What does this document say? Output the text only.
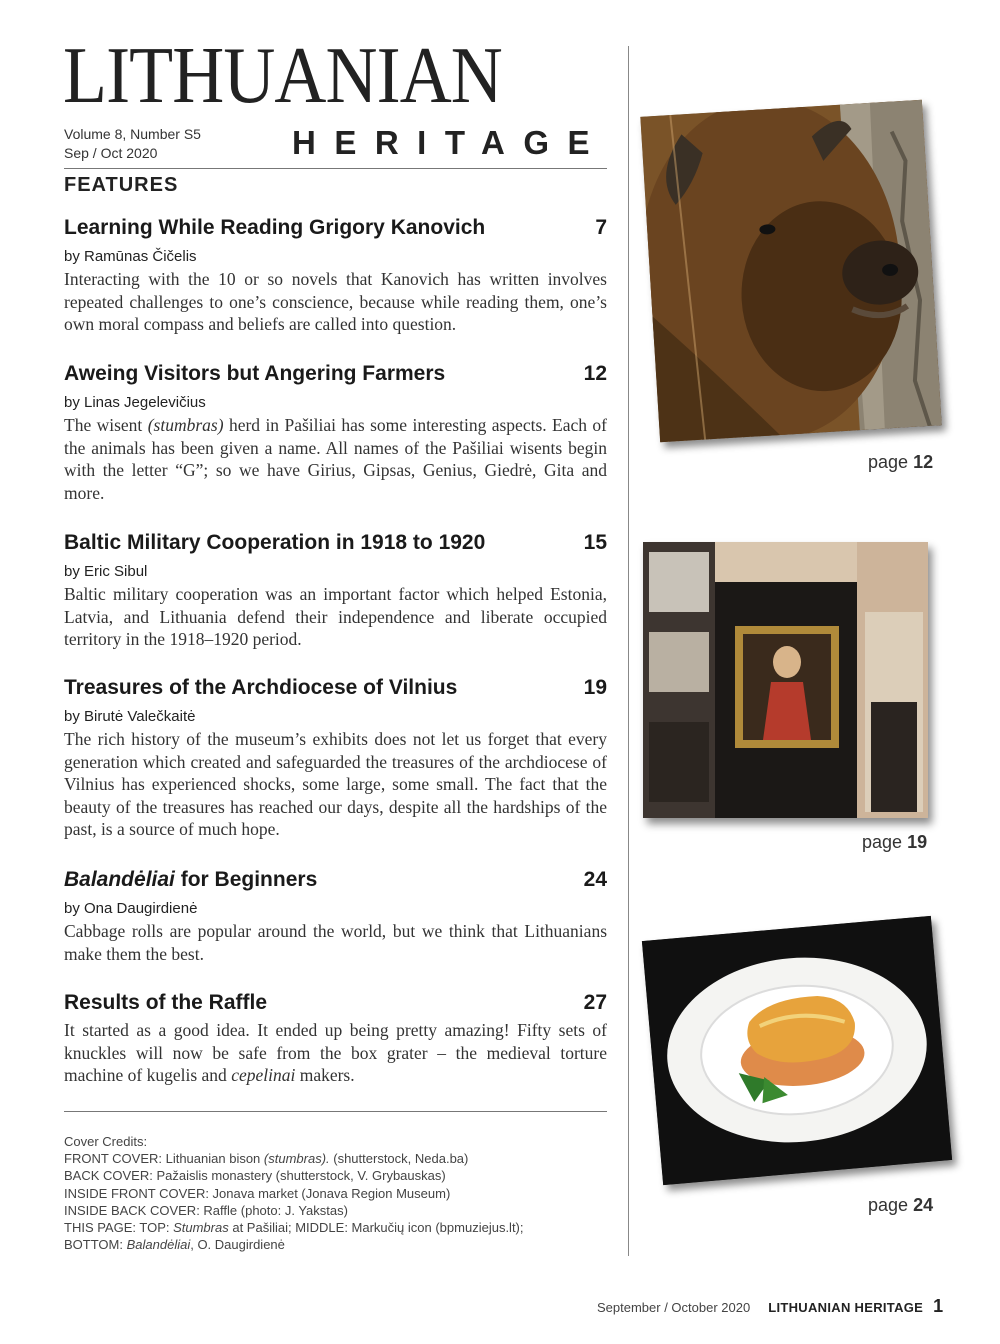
LITHUANIAN
Volume 8, Number S5
Sep / Oct 2020	HERITAGE
FEATURES
Learning While Reading Grigory Kanovich	7
by Ramūnas Čičelis
Interacting with the 10 or so novels that Kanovich has written involves repeated challenges to one’s conscience, because while reading them, one’s own moral compass and beliefs are called into question.
Aweing Visitors but Angering Farmers	12
by Linas Jegelevičius
The wisent (stumbras) herd in Pašiliai has some interesting aspects. Each of the animals has been given a name. All names of the Pašiliai wisents begin with the letter “G”; so we have Girius, Gipsas, Genius, Giedrė, Gita and more.
Baltic Military Cooperation in 1918 to 1920	15
by Eric Sibul
Baltic military cooperation was an important factor which helped Estonia, Latvia, and Lithuania defend their independence and liberate occupied territory in the 1918–1920 period.
Treasures of the Archdiocese of Vilnius	19
by Birutė Valečkaitė
The rich history of the museum’s exhibits does not let us forget that every generation which created and safeguarded the treasures of the archdiocese of Vilnius has experienced shocks, some large, some small. The fact that the beauty of the treasures has reached our days, despite all the hardships of the past, is a source of much hope.
Balandėliai for Beginners	24
by Ona Daugirdienė
Cabbage rolls are popular around the world, but we think that Lithuanians make them the best.
Results of the Raffle	27
It started as a good idea. It ended up being pretty amazing! Fifty sets of knuckles will now be safe from the box grater – the medieval torture machine of kugelis and cepelinai makers.
Cover Credits:
FRONT COVER: Lithuanian bison (stumbras). (shutterstock, Neda.ba)
BACK COVER: Pažaislis monastery (shutterstock, V. Grybauskas)
INSIDE FRONT COVER: Jonava market (Jonava Region Museum)
INSIDE BACK COVER: Raffle (photo: J. Yakstas)
THIS PAGE: TOP: Stumbras at Pašiliai; MIDDLE: Markučių icon (bpmuziejus.lt);
BOTTOM: Balandėliai, O. Daugirdienė
page 12
page 19
page 24
September / October 2020 LITHUANIAN HERITAGE 1
